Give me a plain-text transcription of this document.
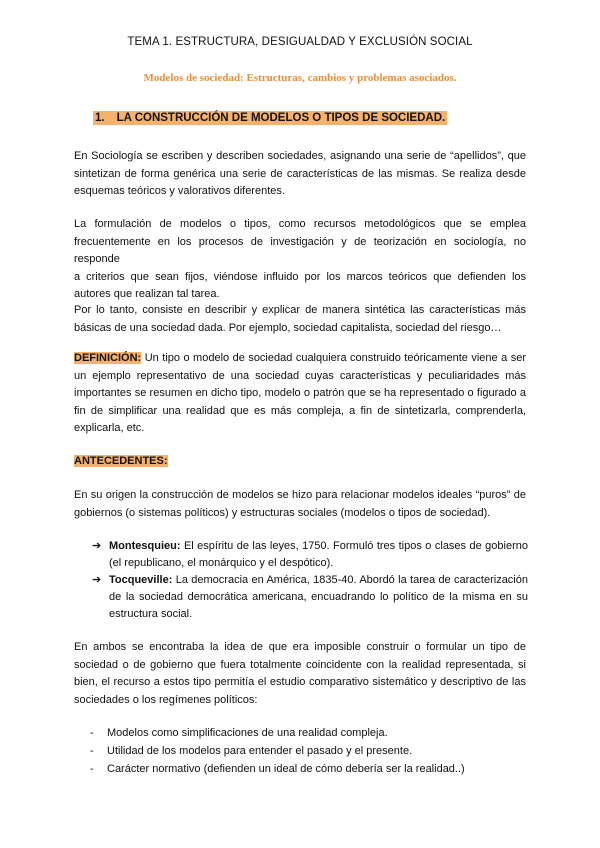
TEMA 1. ESTRUCTURA, DESIGUALDAD Y EXCLUSIÓN SOCIAL
Modelos de sociedad: Estructuras, cambios y problemas asociados.
1. LA CONSTRUCCIÓN DE MODELOS O TIPOS DE SOCIEDAD.
En Sociología se escriben y describen sociedades, asignando una serie de “apellidos”, que
sintetizan de forma genérica una serie de características de las mismas. Se realiza desde
esquemas teóricos y valorativos diferentes.
La formulación de modelos o tipos, como recursos metodológicos que se emplea
frecuentemente en los procesos de investigación y de teorización en sociología, no responde
a criterios que sean fijos, viéndose influido por los marcos teóricos que defienden los
autores que realizan tal tarea.
Por lo tanto, consiste en describir y explicar de manera sintética las características más
básicas de una sociedad dada. Por ejemplo, sociedad capitalista, sociedad del riesgo…
DEFINICIÓN: Un tipo o modelo de sociedad cualquiera construido teóricamente viene a ser
un ejemplo representativo de una sociedad cuyas características y peculiaridades más
importantes se resumen en dicho tipo, modelo o patrón que se ha representado o figurado a
fin de simplificar una realidad que es más compleja, a fin de sintetizarla, comprenderla,
explicarla, etc.
ANTECEDENTES:
En su origen la construcción de modelos se hizo para relacionar modelos ideales “puros” de
gobiernos (o sistemas políticos) y estructuras sociales (modelos o tipos de sociedad).
➔ Montesquieu: El espíritu de las leyes, 1750. Formuló tres tipos o clases de gobierno
(el republicano, el monárquico y el despótico).
➔ Tocqueville: La democracia en América, 1835-40. Abordó la tarea de caracterización
de la sociedad democrática americana, encuadrando lo político de la misma en su
estructura social.
En ambos se encontraba la idea de que era imposible construir o formular un tipo de
sociedad o de gobierno que fuera totalmente coincidente con la realidad representada, si
bien, el recurso a estos tipo permitía el estudio comparativo sistemático y descriptivo de las
sociedades o los regímenes políticos:
- Modelos como simplificaciones de una realidad compleja.
- Utilidad de los modelos para entender el pasado y el presente.
- Carácter normativo (defienden un ideal de cómo debería ser la realidad..)
